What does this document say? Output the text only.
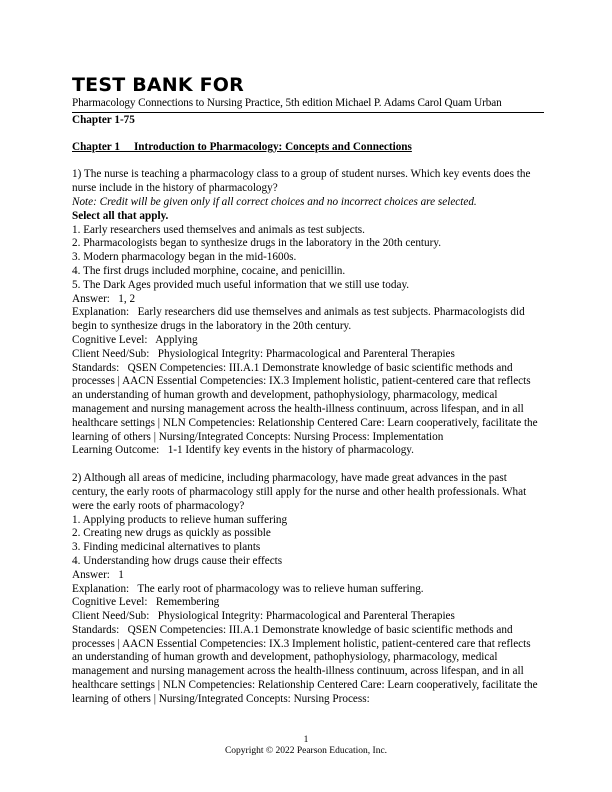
TEST BANK FOR
Pharmacology Connections to Nursing Practice, 5th edition Michael P. Adams Carol Quam Urban
Chapter 1-75
Chapter 1     Introduction to Pharmacology: Concepts and Connections
1) The nurse is teaching a pharmacology class to a group of student nurses. Which key events does the nurse include in the history of pharmacology?
Note: Credit will be given only if all correct choices and no incorrect choices are selected.
Select all that apply.
1. Early researchers used themselves and animals as test subjects.
2. Pharmacologists began to synthesize drugs in the laboratory in the 20th century.
3. Modern pharmacology began in the mid-1600s.
4. The first drugs included morphine, cocaine, and penicillin.
5. The Dark Ages provided much useful information that we still use today.
Answer:   1, 2
Explanation:   Early researchers did use themselves and animals as test subjects. Pharmacologists did begin to synthesize drugs in the laboratory in the 20th century.
Cognitive Level:   Applying
Client Need/Sub:   Physiological Integrity: Pharmacological and Parenteral Therapies
Standards:   QSEN Competencies: III.A.1 Demonstrate knowledge of basic scientific methods and processes | AACN Essential Competencies: IX.3 Implement holistic, patient-centered care that reflects an understanding of human growth and development, pathophysiology, pharmacology, medical management and nursing management across the health-illness continuum, across lifespan, and in all healthcare settings | NLN Competencies: Relationship Centered Care: Learn cooperatively, facilitate the learning of others | Nursing/Integrated Concepts: Nursing Process: Implementation
Learning Outcome:   1-1 Identify key events in the history of pharmacology.
2) Although all areas of medicine, including pharmacology, have made great advances in the past century, the early roots of pharmacology still apply for the nurse and other health professionals. What were the early roots of pharmacology?
1. Applying products to relieve human suffering
2. Creating new drugs as quickly as possible
3. Finding medicinal alternatives to plants
4. Understanding how drugs cause their effects
Answer:   1
Explanation:   The early root of pharmacology was to relieve human suffering.
Cognitive Level:   Remembering
Client Need/Sub:   Physiological Integrity: Pharmacological and Parenteral Therapies
Standards:   QSEN Competencies: III.A.1 Demonstrate knowledge of basic scientific methods and processes | AACN Essential Competencies: IX.3 Implement holistic, patient-centered care that reflects an understanding of human growth and development, pathophysiology, pharmacology, medical management and nursing management across the health-illness continuum, across lifespan, and in all healthcare settings | NLN Competencies: Relationship Centered Care: Learn cooperatively, facilitate the learning of others | Nursing/Integrated Concepts: Nursing Process:
1
Copyright © 2022 Pearson Education, Inc.
